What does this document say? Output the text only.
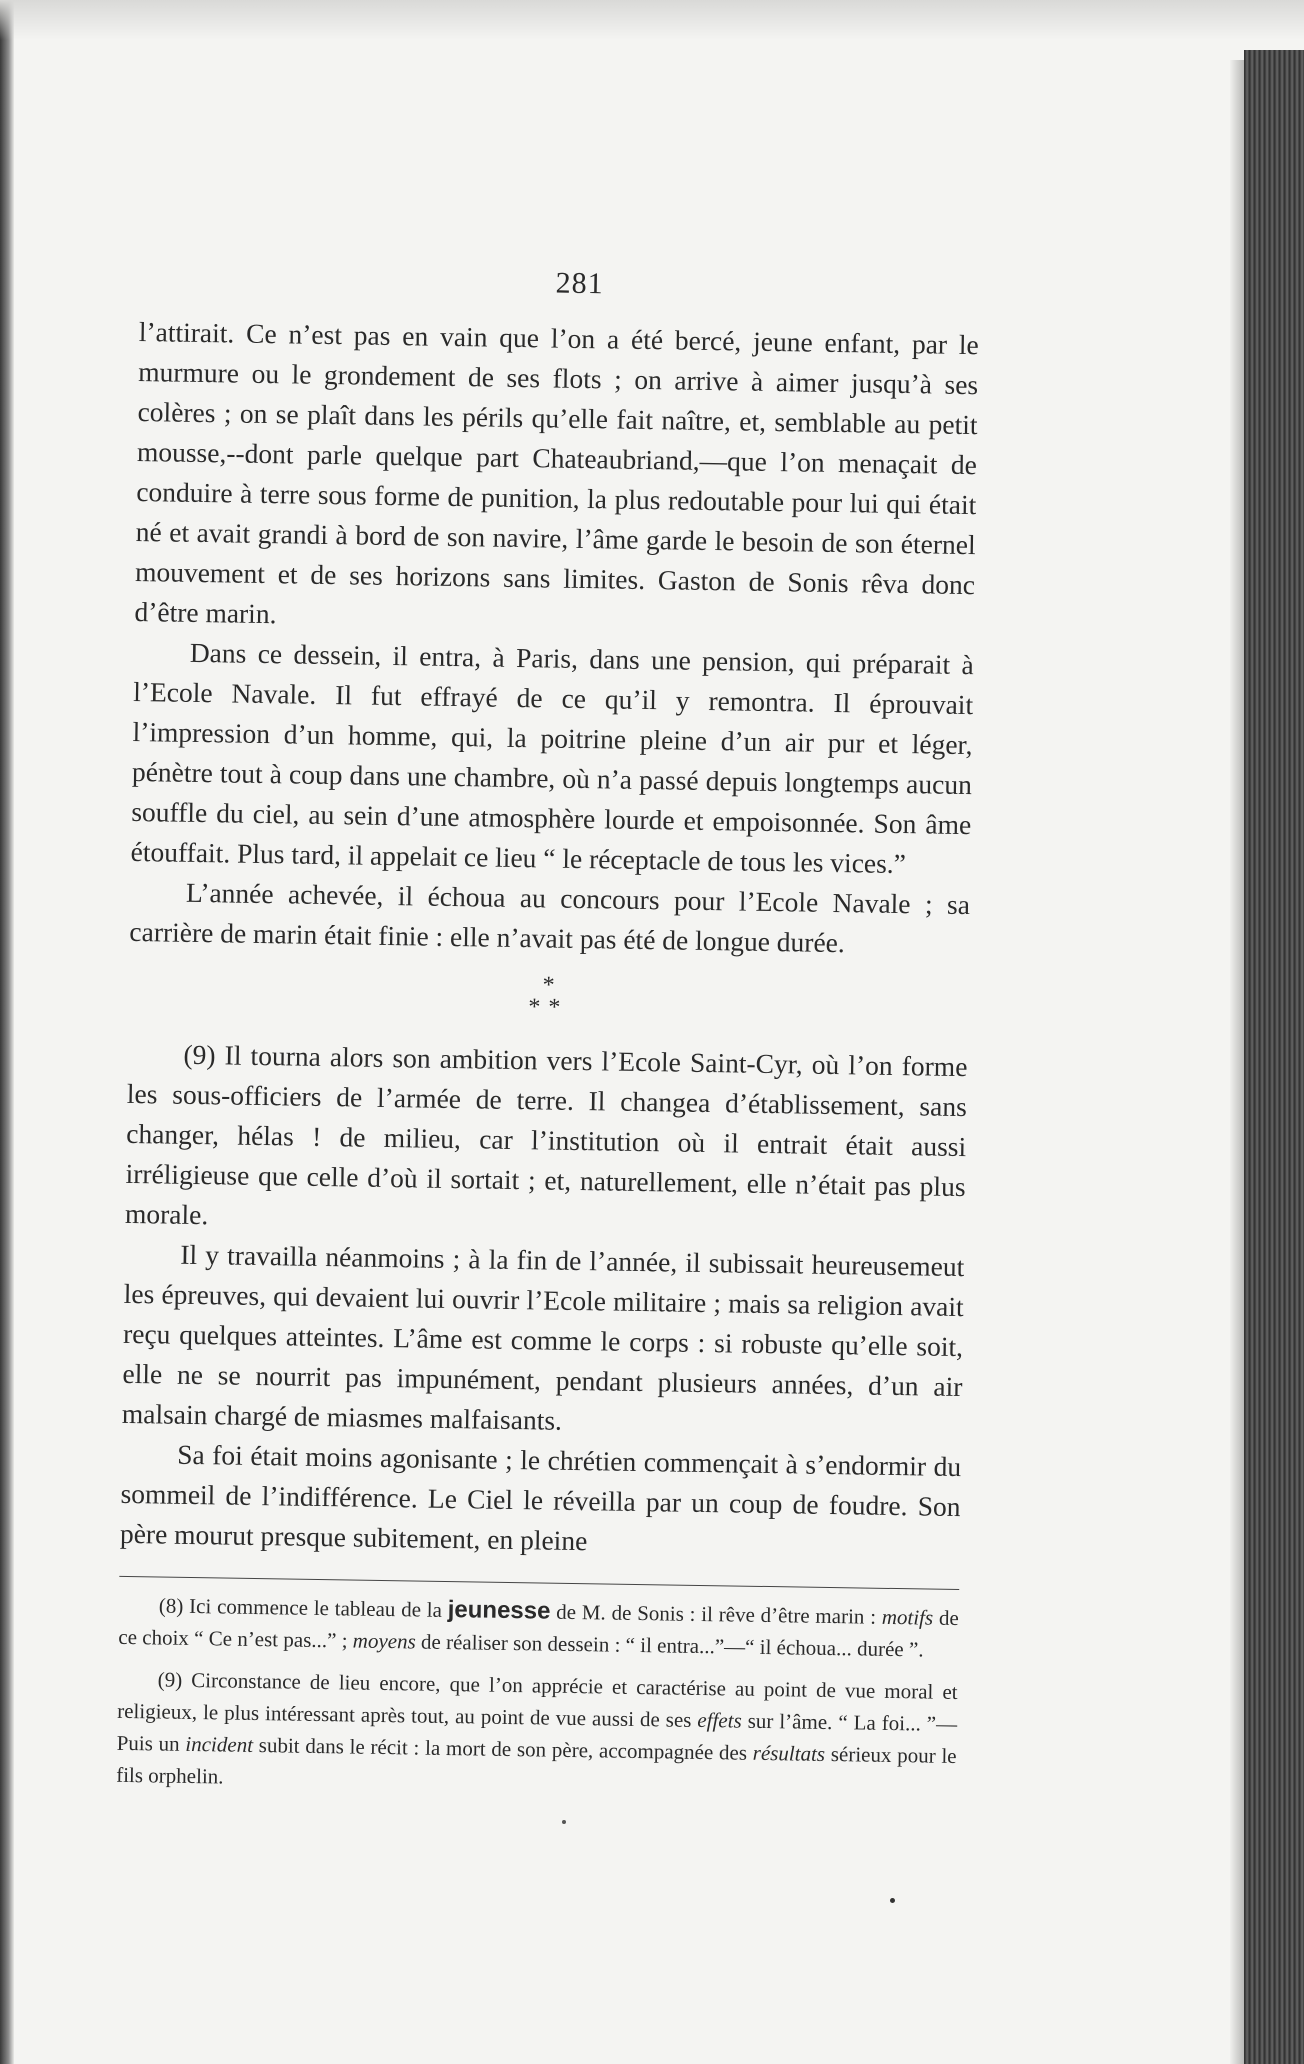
281

l’attirait. Ce n’est pas en vain que l’on a été bercé, jeune enfant, par le murmure ou le grondement de ses flots ; on arrive à aimer jusqu’à ses colères ; on se plaît dans les périls qu’elle fait naître, et, semblable au petit mousse,--dont parle quelque part Chateaubriand,—que l’on menaçait de conduire à terre sous forme de punition, la plus redoutable pour lui qui était né et avait grandi à bord de son navire, l’âme garde le besoin de son éternel mouvement et de ses horizons sans limites. Gaston de Sonis rêva donc d’être marin.

Dans ce dessein, il entra, à Paris, dans une pension, qui préparait à l’Ecole Navale. Il fut effrayé de ce qu’il y remontra. Il éprouvait l’impression d’un homme, qui, la poitrine pleine d’un air pur et léger, pénètre tout à coup dans une chambre, où n’a passé depuis longtemps aucun souffle du ciel, au sein d’une atmosphère lourde et empoisonnée. Son âme étouffait. Plus tard, il appelait ce lieu “ le réceptacle de tous les vices.”

L’année achevée, il échoua au concours pour l’Ecole Navale ; sa carrière de marin était finie : elle n’avait pas été de longue durée.

*
**

(9) Il tourna alors son ambition vers l’Ecole Saint-Cyr, où l’on forme les sous-officiers de l’armée de terre. Il changea d’établissement, sans changer, hélas ! de milieu, car l’institution où il entrait était aussi irréligieuse que celle d’où il sortait ; et, naturellement, elle n’était pas plus morale.

Il y travailla néanmoins ; à la fin de l’année, il subissait heureusemeut les épreuves, qui devaient lui ouvrir l’Ecole militaire ; mais sa religion avait reçu quelques atteintes. L’âme est comme le corps : si robuste qu’elle soit, elle ne se nourrit pas impunément, pendant plusieurs années, d’un air malsain chargé de miasmes malfaisants.

Sa foi était moins agonisante ; le chrétien commençait à s’endormir du sommeil de l’indifférence. Le Ciel le réveilla par un coup de foudre. Son père mourut presque subitement, en pleine

(8) Ici commence le tableau de la jeunesse de M. de Sonis : il rêve d’être marin : motifs de ce choix “ Ce n’est pas...” ; moyens de réaliser son dessein : “ il entra...”—“ il échoua... durée ”.

(9) Circonstance de lieu encore, que l’on apprécie et caractérise au point de vue moral et religieux, le plus intéressant après tout, au point de vue aussi de ses effets sur l’âme. “ La foi... ”—Puis un incident subit dans le récit : la mort de son père, accompagnée des résultats sérieux pour le fils orphelin.
